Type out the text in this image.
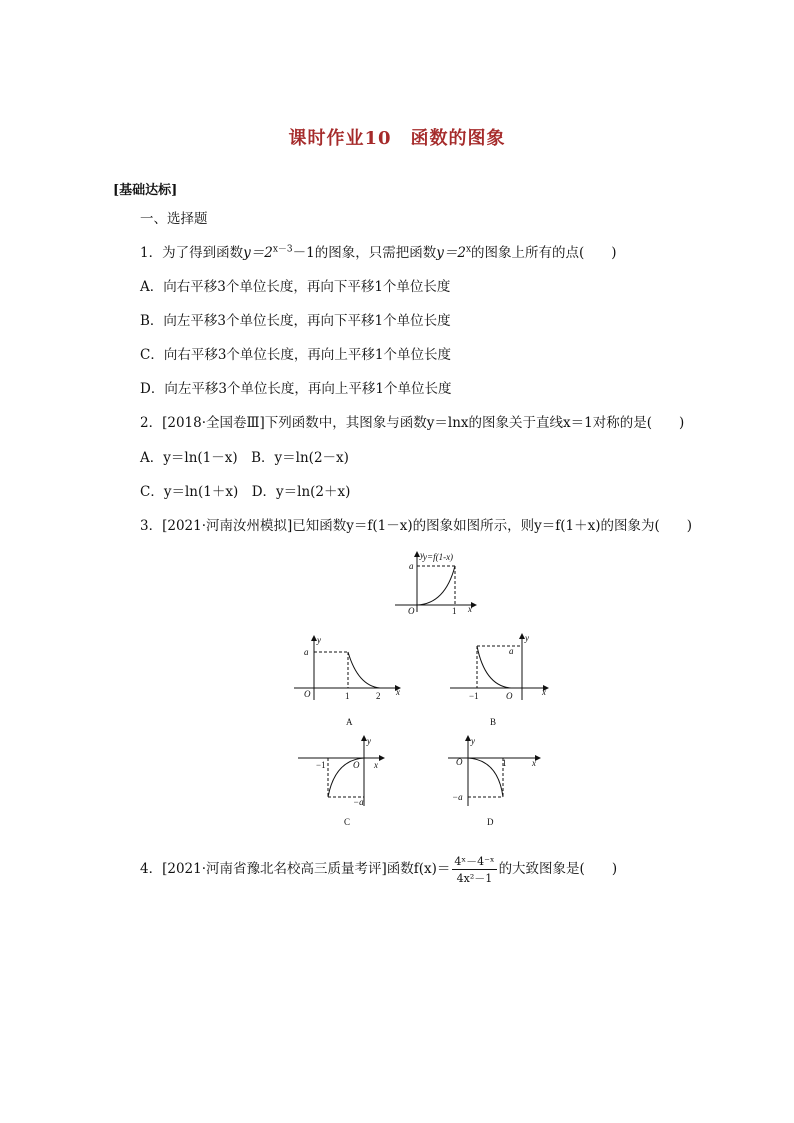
课时作业10　函数的图象
[基础达标]
一、选择题
1．为了得到函数$y=2^{x-3}-1$的图象，只需把函数$y=2^x$的图象上所有的点(　　)
A．向右平移3个单位长度，再向下平移1个单位长度
B．向左平移3个单位长度，再向下平移1个单位长度
C．向右平移3个单位长度，再向上平移1个单位长度
D．向左平移3个单位长度，再向上平移1个单位长度
2．[2018·全国卷Ⅲ]下列函数中，其图象与函数y＝lnx的图象关于直线x＝1对称的是(　　)
A．y＝ln(1－x)　B．y＝ln(2－x)
C．y＝ln(1＋x)　D．y＝ln(2＋x)
3．[2021·河南汝州模拟]已知函数y＝f(1－x)的图象如图所示，则y＝f(1＋x)的图象为(　　)
y=f(1-x)
y
a
O	1 x
y
a
O	1	2 x
A
y
a
O
−1	x
B
y
−1	O x
−a
C
y
O	1	x
−a
D
4．[2021·河南省豫北名校高三质量考评]函数$f(x)= \frac{\text{4ˣ－4⁻ˣ}}{\text{4x²－1}}$ 的大致图象是(　　)
